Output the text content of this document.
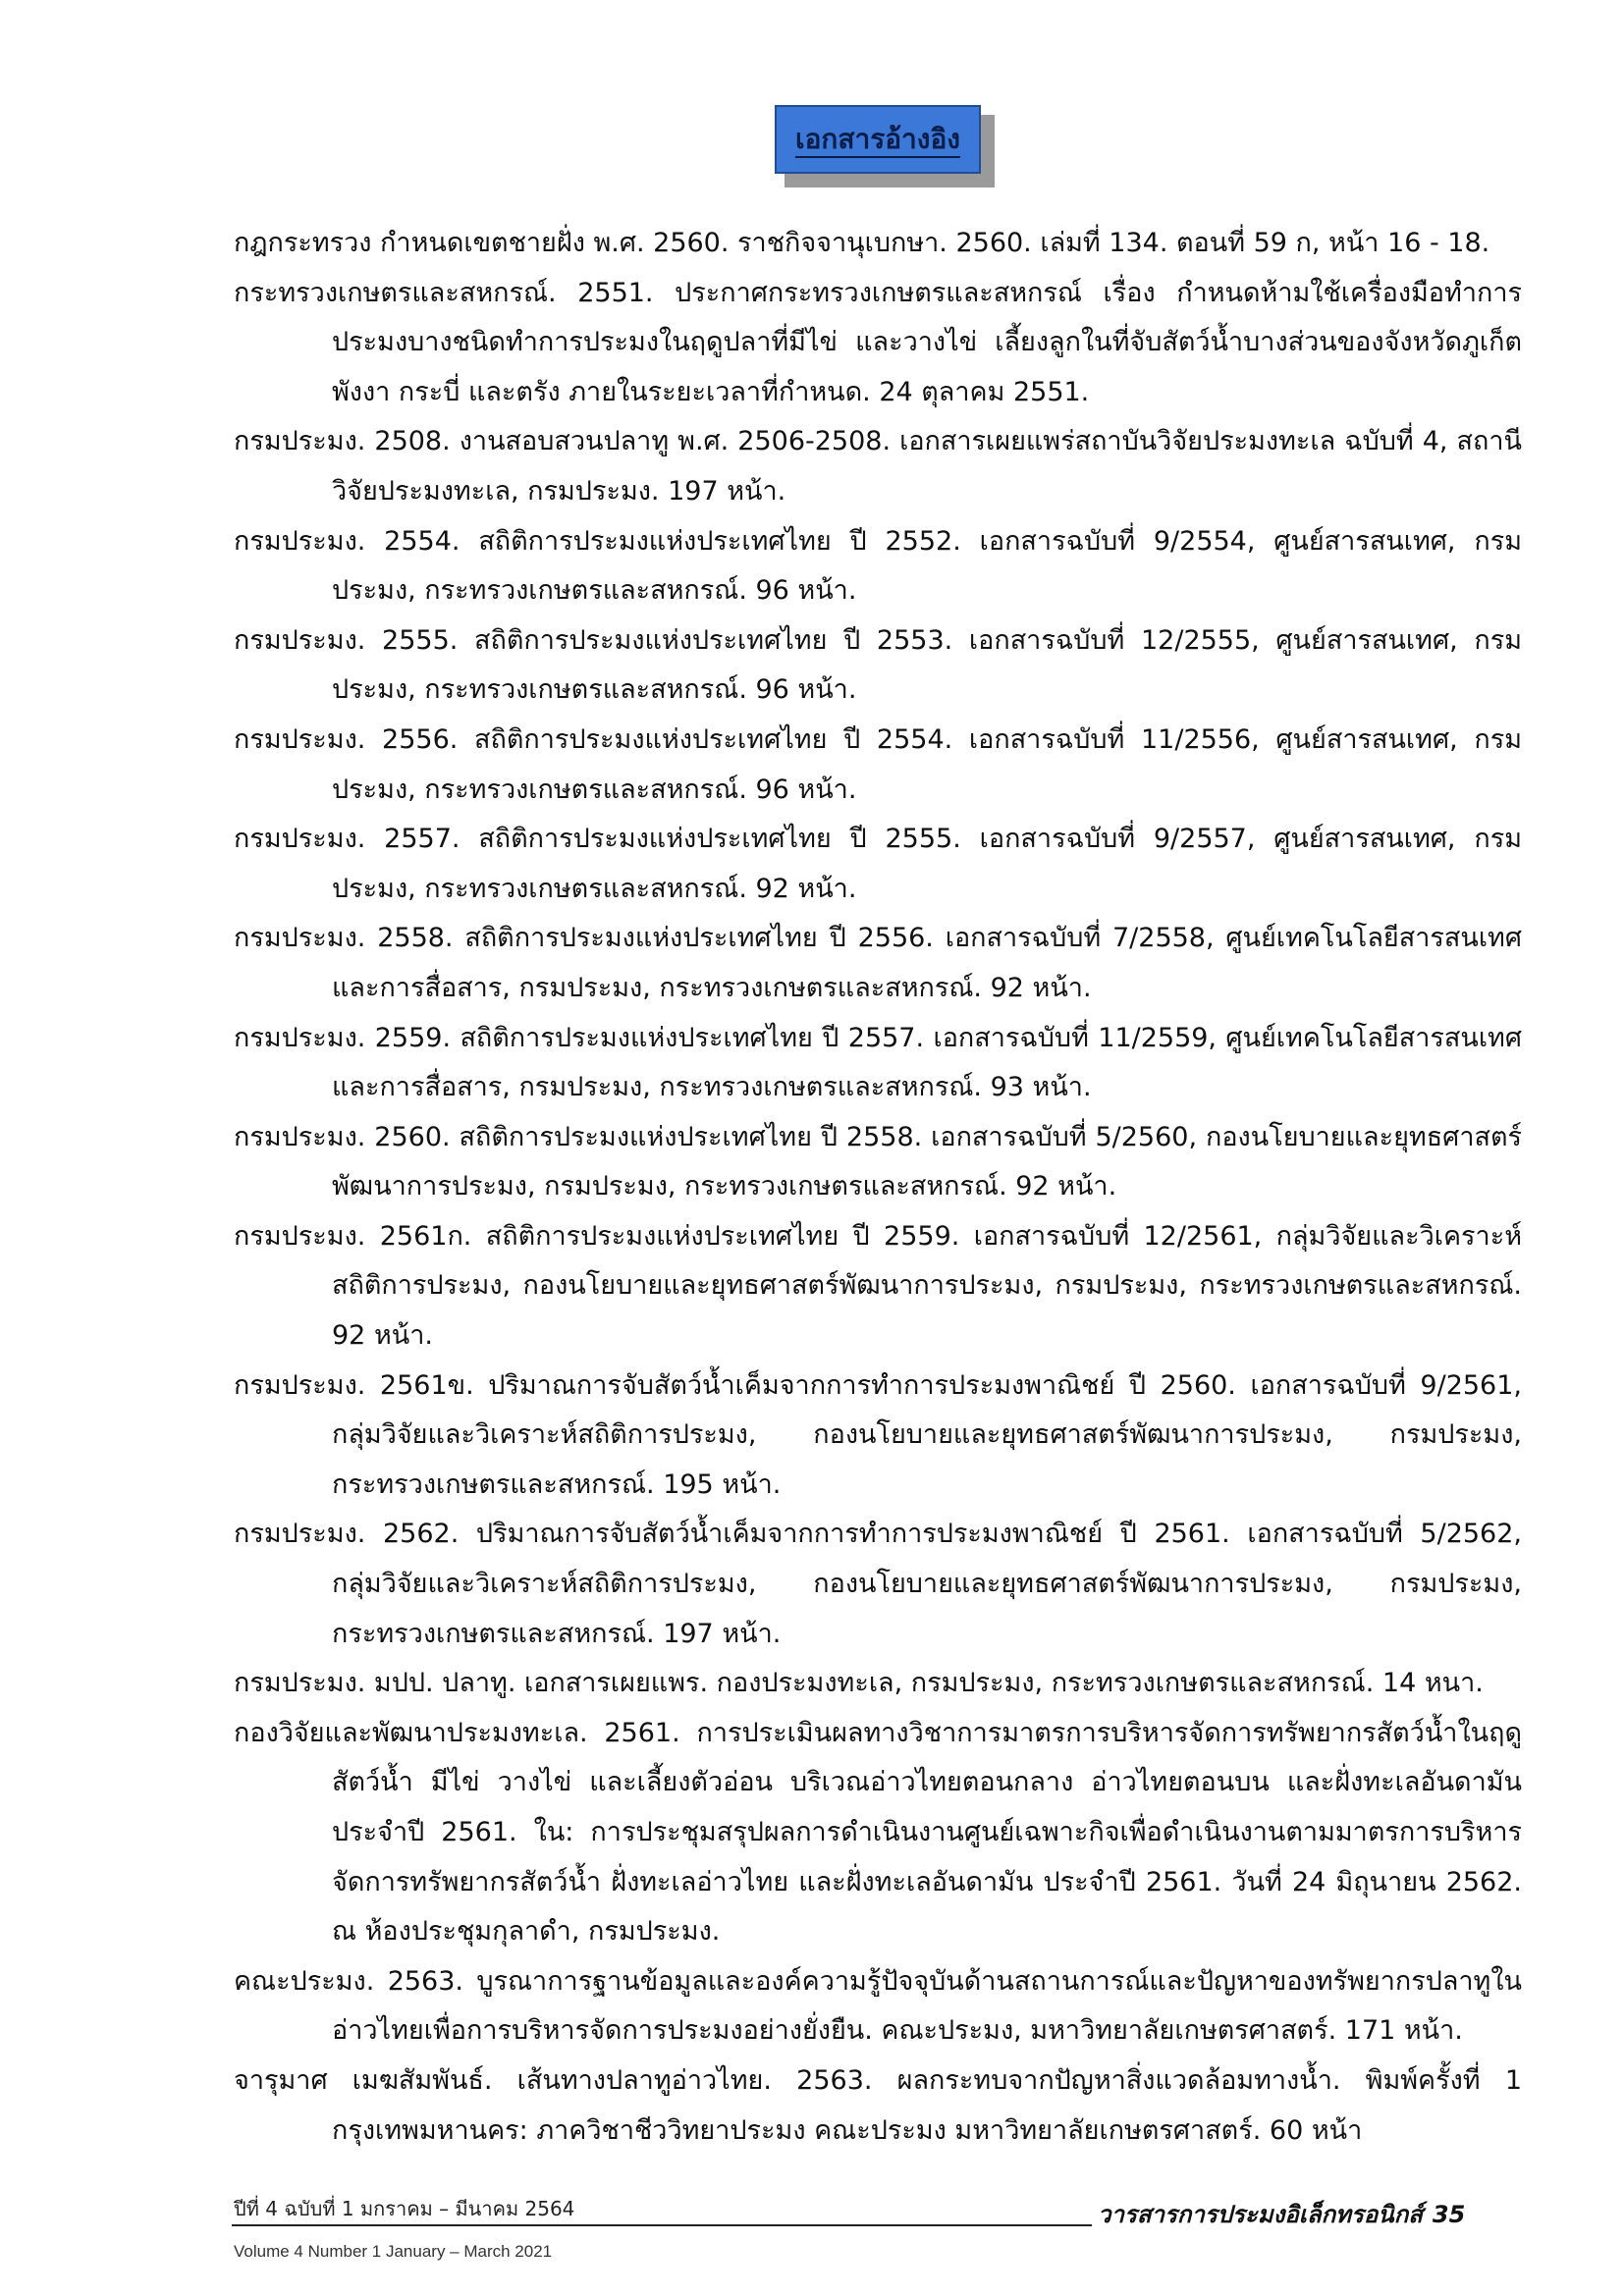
เอกสารอ้างอิง

กฎกระทรวง กำหนดเขตชายฝั่ง พ.ศ. 2560. ราชกิจจานุเบกษา. 2560. เล่มที่ 134. ตอนที่ 59 ก, หน้า 16 - 18.

กระทรวงเกษตรและสหกรณ์. 2551. ประกาศกระทรวงเกษตรและสหกรณ์ เรื่อง กำหนดห้ามใช้เครื่องมือทำการประมงบางชนิดทำการประมงในฤดูปลาที่มีไข่ และวางไข่ เลี้ยงลูกในที่จับสัตว์น้ำบางส่วนของจังหวัดภูเก็ต พังงา กระบี่ และตรัง ภายในระยะเวลาที่กำหนด. 24 ตุลาคม 2551.

กรมประมง. 2508. งานสอบสวนปลาทู พ.ศ. 2506-2508. เอกสารเผยแพร่สถาบันวิจัยประมงทะเล ฉบับที่ 4, สถานีวิจัยประมงทะเล, กรมประมง. 197 หน้า.

กรมประมง. 2554. สถิติการประมงแห่งประเทศไทย ปี 2552. เอกสารฉบับที่ 9/2554, ศูนย์สารสนเทศ, กรมประมง, กระทรวงเกษตรและสหกรณ์. 96 หน้า.

กรมประมง. 2555. สถิติการประมงแห่งประเทศไทย ปี 2553. เอกสารฉบับที่ 12/2555, ศูนย์สารสนเทศ, กรมประมง, กระทรวงเกษตรและสหกรณ์. 96 หน้า.

กรมประมง. 2556. สถิติการประมงแห่งประเทศไทย ปี 2554. เอกสารฉบับที่ 11/2556, ศูนย์สารสนเทศ, กรมประมง, กระทรวงเกษตรและสหกรณ์. 96 หน้า.

กรมประมง. 2557. สถิติการประมงแห่งประเทศไทย ปี 2555. เอกสารฉบับที่ 9/2557, ศูนย์สารสนเทศ, กรมประมง, กระทรวงเกษตรและสหกรณ์. 92 หน้า.

กรมประมง. 2558. สถิติการประมงแห่งประเทศไทย ปี 2556. เอกสารฉบับที่ 7/2558, ศูนย์เทคโนโลยีสารสนเทศและการสื่อสาร, กรมประมง, กระทรวงเกษตรและสหกรณ์. 92 หน้า.

กรมประมง. 2559. สถิติการประมงแห่งประเทศไทย ปี 2557. เอกสารฉบับที่ 11/2559, ศูนย์เทคโนโลยีสารสนเทศและการสื่อสาร, กรมประมง, กระทรวงเกษตรและสหกรณ์. 93 หน้า.

กรมประมง. 2560. สถิติการประมงแห่งประเทศไทย ปี 2558. เอกสารฉบับที่ 5/2560, กองนโยบายและยุทธศาสตร์พัฒนาการประมง, กรมประมง, กระทรวงเกษตรและสหกรณ์. 92 หน้า.

กรมประมง. 2561ก. สถิติการประมงแห่งประเทศไทย ปี 2559. เอกสารฉบับที่ 12/2561, กลุ่มวิจัยและวิเคราะห์สถิติการประมง, กองนโยบายและยุทธศาสตร์พัฒนาการประมง, กรมประมง, กระทรวงเกษตรและสหกรณ์. 92 หน้า.

กรมประมง. 2561ข. ปริมาณการจับสัตว์น้ำเค็มจากการทำการประมงพาณิชย์ ปี 2560. เอกสารฉบับที่ 9/2561, กลุ่มวิจัยและวิเคราะห์สถิติการประมง, กองนโยบายและยุทธศาสตร์พัฒนาการประมง, กรมประมง, กระทรวงเกษตรและสหกรณ์. 195 หน้า.

กรมประมง. 2562. ปริมาณการจับสัตว์น้ำเค็มจากการทำการประมงพาณิชย์ ปี 2561. เอกสารฉบับที่ 5/2562, กลุ่มวิจัยและวิเคราะห์สถิติการประมง, กองนโยบายและยุทธศาสตร์พัฒนาการประมง, กรมประมง, กระทรวงเกษตรและสหกรณ์. 197 หน้า.

กรมประมง. มปป. ปลาทู. เอกสารเผยแพร. กองประมงทะเล, กรมประมง, กระทรวงเกษตรและสหกรณ์. 14 หนา.

กองวิจัยและพัฒนาประมงทะเล. 2561. การประเมินผลทางวิชาการมาตรการบริหารจัดการทรัพยากรสัตว์น้ำในฤดูสัตว์น้ำ มีไข่ วางไข่ และเลี้ยงตัวอ่อน บริเวณอ่าวไทยตอนกลาง อ่าวไทยตอนบน และฝั่งทะเลอันดามัน ประจำปี 2561. ใน: การประชุมสรุปผลการดำเนินงานศูนย์เฉพาะกิจเพื่อดำเนินงานตามมาตรการบริหารจัดการทรัพยากรสัตว์น้ำ ฝั่งทะเลอ่าวไทย และฝั่งทะเลอันดามัน ประจำปี 2561. วันที่ 24 มิถุนายน 2562. ณ ห้องประชุมกุลาดำ, กรมประมง.

คณะประมง. 2563. บูรณาการฐานข้อมูลและองค์ความรู้ปัจจุบันด้านสถานการณ์และปัญหาของทรัพยากรปลาทูในอ่าวไทยเพื่อการบริหารจัดการประมงอย่างยั่งยืน. คณะประมง, มหาวิทยาลัยเกษตรศาสตร์. 171 หน้า.

จารุมาศ เมฆสัมพันธ์. เส้นทางปลาทูอ่าวไทย. 2563. ผลกระทบจากปัญหาสิ่งแวดล้อมทางน้ำ. พิมพ์ครั้งที่ 1 กรุงเทพมหานคร: ภาควิชาชีววิทยาประมง คณะประมง มหาวิทยาลัยเกษตรศาสตร์. 60 หน้า

ปีที่ 4 ฉบับที่ 1 มกราคม – มีนาคม 2564	วารสารการประมงอิเล็กทรอนิกส์ 35
Volume 4 Number 1 January – March 2021
